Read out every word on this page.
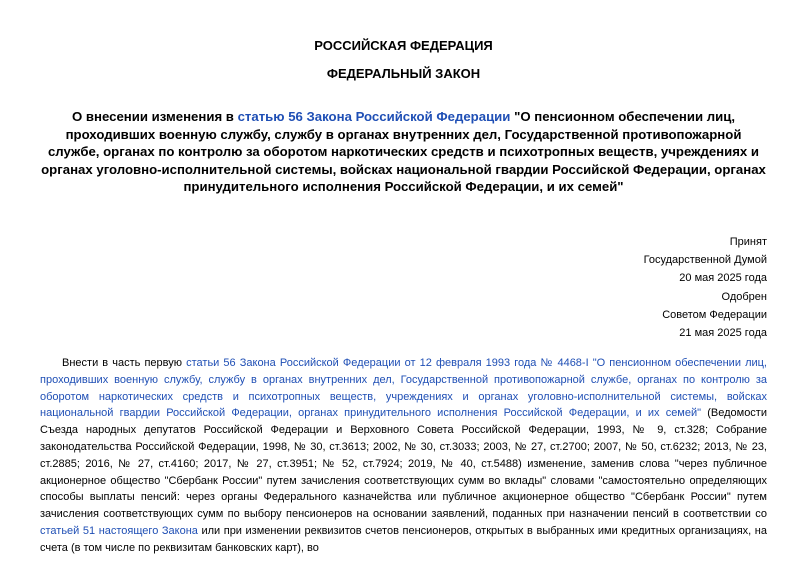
РОССИЙСКАЯ ФЕДЕРАЦИЯ
ФЕДЕРАЛЬНЫЙ ЗАКОН
О внесении изменения в статью 56 Закона Российской Федерации "О пенсионном обеспечении лиц, проходивших военную службу, службу в органах внутренних дел, Государственной противопожарной службе, органах по контролю за оборотом наркотических средств и психотропных веществ, учреждениях и органах уголовно-исполнительной системы, войсках национальной гвардии Российской Федерации, органах принудительного исполнения Российской Федерации, и их семей"
Принят
Государственной Думой
20 мая 2025 года
Одобрен
Советом Федерации
21 мая 2025 года

Внести в часть первую статьи 56 Закона Российской Федерации от 12 февраля 1993 года № 4468-I "О пенсионном обеспечении лиц, проходивших военную службу, службу в органах внутренних дел, Государственной противопожарной службе, органах по контролю за оборотом наркотических средств и психотропных веществ, учреждениях и органах уголовно-исполнительной системы, войсках национальной гвардии Российской Федерации, органах принудительного исполнения Российской Федерации, и их семей" (Ведомости Съезда народных депутатов Российской Федерации и Верховного Совета Российской Федерации, 1993, № 9, ст.328; Собрание законодательства Российской Федерации, 1998, № 30, ст.3613; 2002, № 30, ст.3033; 2003, № 27, ст.2700; 2007, № 50, ст.6232; 2013, № 23, ст.2885; 2016, № 27, ст.4160; 2017, № 27, ст.3951; № 52, ст.7924; 2019, № 40, ст.5488) изменение, заменив слова "через публичное акционерное общество "Сбербанк России" путем зачисления соответствующих сумм во вклады" словами "самостоятельно определяющих способы выплаты пенсий: через органы Федерального казначейства или публичное акционерное общество "Сбербанк России" путем зачисления соответствующих сумм по выбору пенсионеров на основании заявлений, поданных при назначении пенсий в соответствии со статьей 51 настоящего Закона или при изменении реквизитов счетов пенсионеров, открытых в выбранных ими кредитных организациях, на счета (в том числе по реквизитам банковских карт), во
